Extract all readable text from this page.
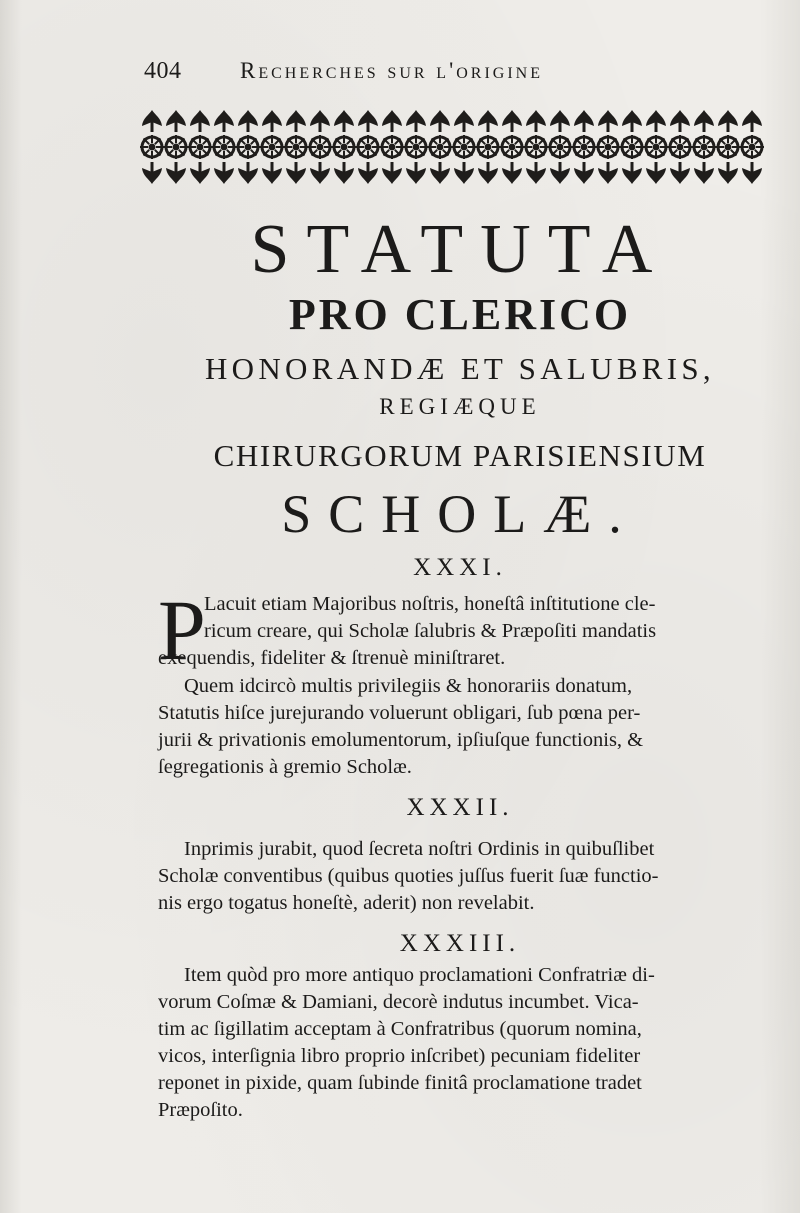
404	Recherches sur l'origine
STATUTA
PRO CLERICO
HONORANDÆ ET SALUBRIS,
REGIÆQUE
CHIRURGORUM PARISIENSIUM
SCHOLÆ.
XXXI.
P
Lacuit etiam Majoribus noſtris, honeſtâ inſtitutione cle-
ricum creare, qui Scholæ ſalubris & Præpoſiti mandatis
exequendis, fideliter & ſtrenuè miniſtraret.
Quem idcircò multis privilegiis & honorariis donatum,
Statutis hiſce jurejurando voluerunt obligari, ſub pœna per-
jurii & privationis emolumentorum, ipſiuſque functionis, &
ſegregationis à gremio Scholæ.
XXXII.
Inprimis jurabit, quod ſecreta noſtri Ordinis in quibuſlibet
Scholæ conventibus (quibus quoties juſſus fuerit ſuæ functio-
nis ergo togatus honeſtè, aderit) non revelabit.
XXXIII.
Item quòd pro more antiquo proclamationi Confratriæ di-
vorum Coſmæ & Damiani, decorè indutus incumbet. Vica-
tim ac ſigillatim acceptam à Confratribus (quorum nomina,
vicos, interſignia libro proprio inſcribet) pecuniam fideliter
reponet in pixide, quam ſubinde finitâ proclamatione tradet
Præpoſito.
